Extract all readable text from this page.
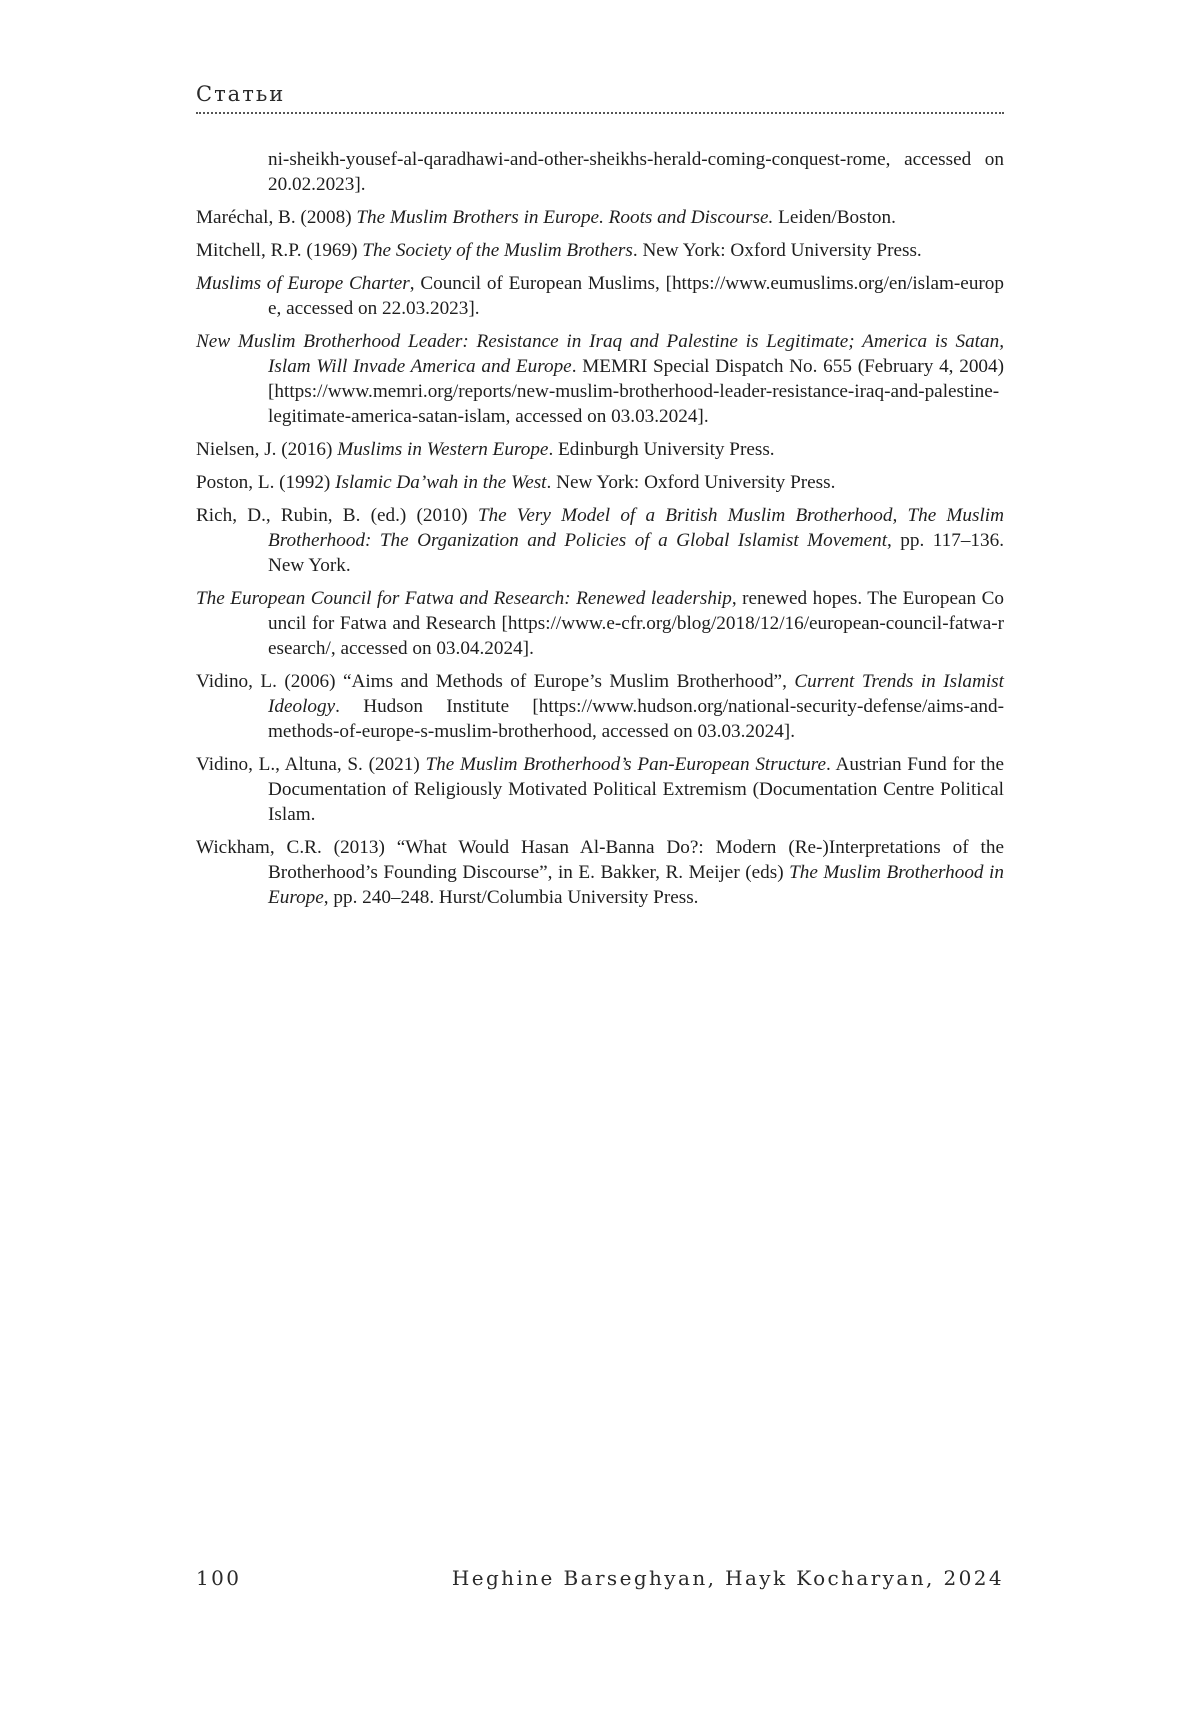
Статьи

ni-sheikh-yousef-al-qaradhawi-and-other-sheikhs-herald-coming-conquest-rome, accessed on 20.02.2023].

Maréchal, B. (2008) The Muslim Brothers in Europe. Roots and Discourse. Leiden/Boston.

Mitchell, R.P. (1969) The Society of the Muslim Brothers. New York: Oxford University Press.

Muslims of Europe Charter, Council of European Muslims, [https://www.eumuslims.org/en/islam-europe, accessed on 22.03.2023].

New Muslim Brotherhood Leader: Resistance in Iraq and Palestine is Legitimate; America is Satan, Islam Will Invade America and Europe. MEMRI Special Dispatch No. 655 (February 4, 2004) [https://www.memri.org/reports/new-muslim-brotherhood-leader-resistance-iraq-and-palestine-legitimate-america-satan-islam, accessed on 03.03.2024].

Nielsen, J. (2016) Muslims in Western Europe. Edinburgh University Press.

Poston, L. (1992) Islamic Da’wah in the West. New York: Oxford University Press.

Rich, D., Rubin, B. (ed.) (2010) The Very Model of a British Muslim Brotherhood, The Muslim Brotherhood: The Organization and Policies of a Global Islamist Movement, pp. 117–136. New York.

The European Council for Fatwa and Research: Renewed leadership, renewed hopes. The European Council for Fatwa and Research [https://www.e-cfr.org/blog/2018/12/16/european-council-fatwa-research/, accessed on 03.04.2024].

Vidino, L. (2006) “Aims and Methods of Europe’s Muslim Brotherhood”, Current Trends in Islamist Ideology. Hudson Institute [https://www.hudson.org/national-security-defense/aims-and-methods-of-europe-s-muslim-brotherhood, accessed on 03.03.2024].

Vidino, L., Altuna, S. (2021) The Muslim Brotherhood’s Pan-European Structure. Austrian Fund for the Documentation of Religiously Motivated Political Extremism (Documentation Centre Political Islam.

Wickham, C.R. (2013) “What Would Hasan Al-Banna Do?: Modern (Re-)Interpretations of the Brotherhood’s Founding Discourse”, in E. Bakker, R. Meijer (eds) The Muslim Brotherhood in Europe, pp. 240–248. Hurst/Columbia University Press.

100	Heghine Barseghyan, Hayk Kocharyan, 2024
